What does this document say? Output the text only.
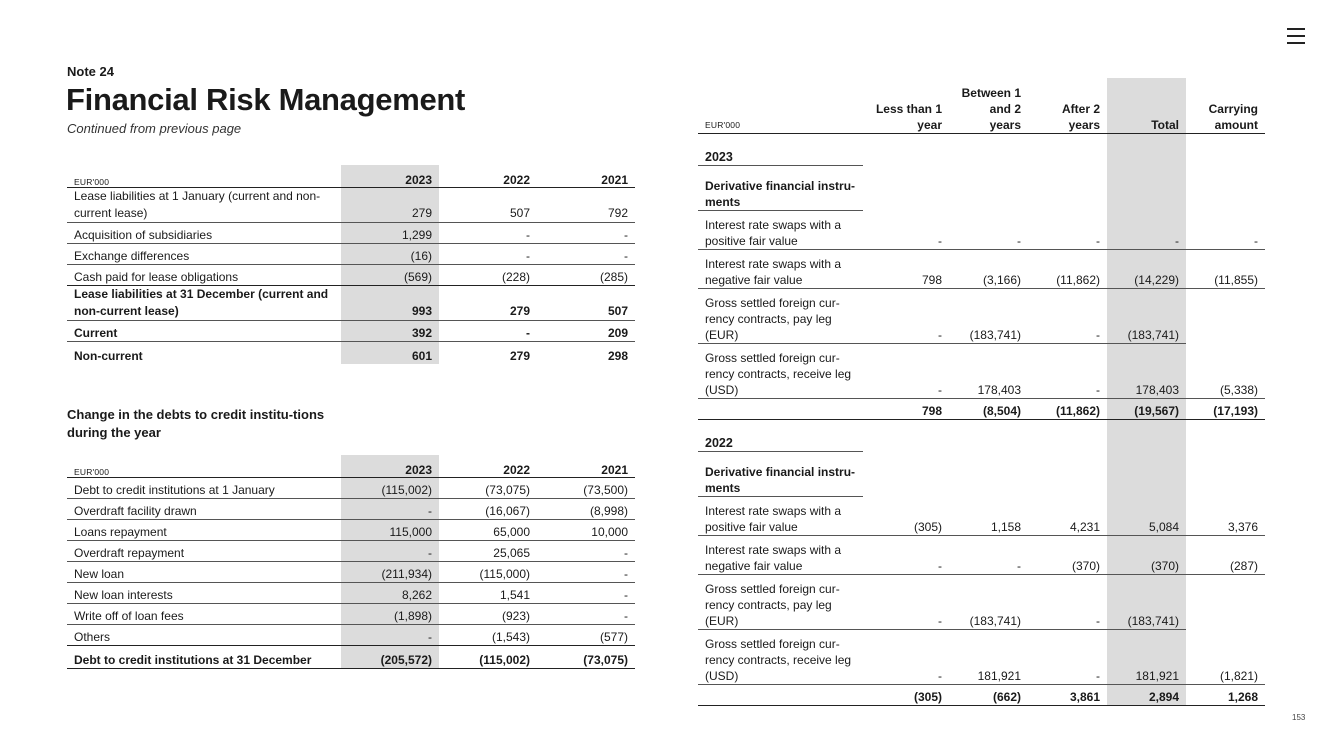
Note 24
Financial Risk Management
Continued from previous page
EUR'000	2023	2022	2021
Lease liabilities at 1 January (current and non-current lease)	279	507	792
Acquisition of subsidiaries	1,299	-	-
Exchange differences	(16)	-	-
Cash paid for lease obligations	(569)	(228)	(285)
Lease liabilities at 31 December (current and non-current lease)	993	279	507
Current	392	-	209
Non-current	601	279	298
Change in the debts to credit institu-tions during the year
EUR'000	2023	2022	2021
Debt to credit institutions at 1 January	(115,002)	(73,075)	(73,500)
Overdraft facility drawn	-	(16,067)	(8,998)
Loans repayment	115,000	65,000	10,000
Overdraft repayment	-	25,065	-
New loan	(211,934)	(115,000)	-
New loan interests	8,262	1,541	-
Write off of loan fees	(1,898)	(923)	-
Others	-	(1,543)	(577)
Debt to credit institutions at 31 December	(205,572)	(115,002)	(73,075)
EUR'000	Less than 1 year	Between 1 and 2 years	After 2 years	Total	Carrying amount
2023					
Derivative financial instru-ments					
Interest rate swaps with a positive fair value	-	-	-	-	-
Interest rate swaps with a negative fair value	798	(3,166)	(11,862)	(14,229)	(11,855)
Gross settled foreign cur-rency contracts, pay leg (EUR)	-	(183,741)	-	(183,741)	
Gross settled foreign cur-rency contracts, receive leg (USD)	-	178,403	-	178,403	(5,338)
	798	(8,504)	(11,862)	(19,567)	(17,193)
2022					
Derivative financial instru-ments					
Interest rate swaps with a positive fair value	(305)	1,158	4,231	5,084	3,376
Interest rate swaps with a negative fair value	-	-	(370)	(370)	(287)
Gross settled foreign cur-rency contracts, pay leg (EUR)	-	(183,741)	-	(183,741)	
Gross settled foreign cur-rency contracts, receive leg (USD)	-	181,921	-	181,921	(1,821)
	(305)	(662)	3,861	2,894	1,268
153
